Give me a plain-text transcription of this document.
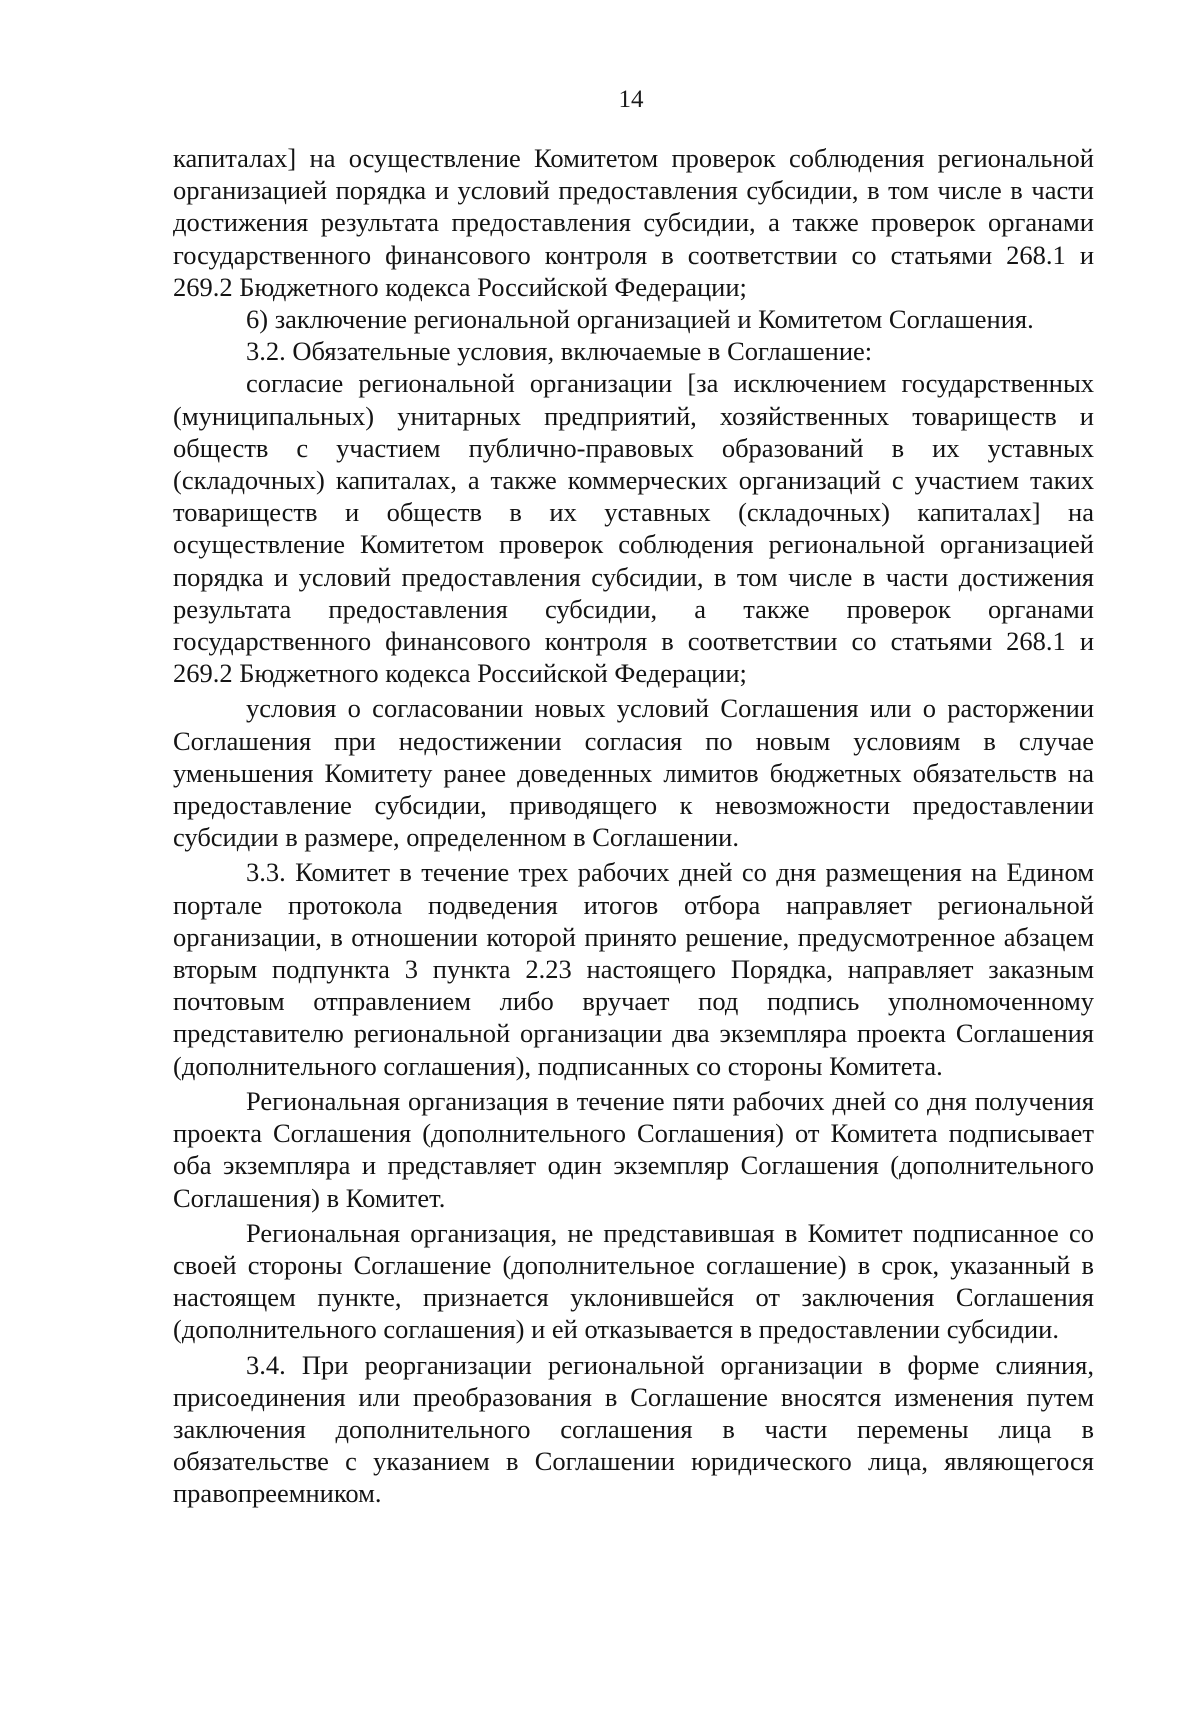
14

капиталах] на осуществление Комитетом проверок соблюдения региональной организацией порядка и условий предоставления субсидии, в том числе в части достижения результата предоставления субсидии, а также проверок органами государственного финансового контроля в соответствии со статьями 268.1 и 269.2 Бюджетного кодекса Российской Федерации;

6) заключение региональной организацией и Комитетом Соглашения.

3.2. Обязательные условия, включаемые в Соглашение:

согласие региональной организации [за исключением государственных (муниципальных) унитарных предприятий, хозяйственных товариществ и обществ с участием публично-правовых образований в их уставных (складочных) капиталах, а также коммерческих организаций с участием таких товариществ и обществ в их уставных (складочных) капиталах] на осуществление Комитетом проверок соблюдения региональной организацией порядка и условий предоставления субсидии, в том числе в части достижения результата предоставления субсидии, а также проверок органами государственного финансового контроля в соответствии со статьями 268.1 и 269.2 Бюджетного кодекса Российской Федерации;

условия о согласовании новых условий Соглашения или о расторжении Соглашения при недостижении согласия по новым условиям в случае уменьшения Комитету ранее доведенных лимитов бюджетных обязательств на предоставление субсидии, приводящего к невозможности предоставлении субсидии в размере, определенном в Соглашении.

3.3. Комитет в течение трех рабочих дней со дня размещения на Едином портале протокола подведения итогов отбора направляет региональной организации, в отношении которой принято решение, предусмотренное абзацем вторым подпункта 3 пункта 2.23 настоящего Порядка, направляет заказным почтовым отправлением либо вручает под подпись уполномоченному представителю региональной организации два экземпляра проекта Соглашения (дополнительного соглашения), подписанных со стороны Комитета.

Региональная организация в течение пяти рабочих дней со дня получения проекта Соглашения (дополнительного Соглашения) от Комитета подписывает оба экземпляра и представляет один экземпляр Соглашения (дополнительного Соглашения) в Комитет.

Региональная организация, не представившая в Комитет подписанное со своей стороны Соглашение (дополнительное соглашение) в срок, указанный в настоящем пункте, признается уклонившейся от заключения Соглашения (дополнительного соглашения) и ей отказывается в предоставлении субсидии.

3.4. При реорганизации региональной организации в форме слияния, присоединения или преобразования в Соглашение вносятся изменения путем заключения дополнительного соглашения в части перемены лица в обязательстве с указанием в Соглашении юридического лица, являющегося правопреемником.
